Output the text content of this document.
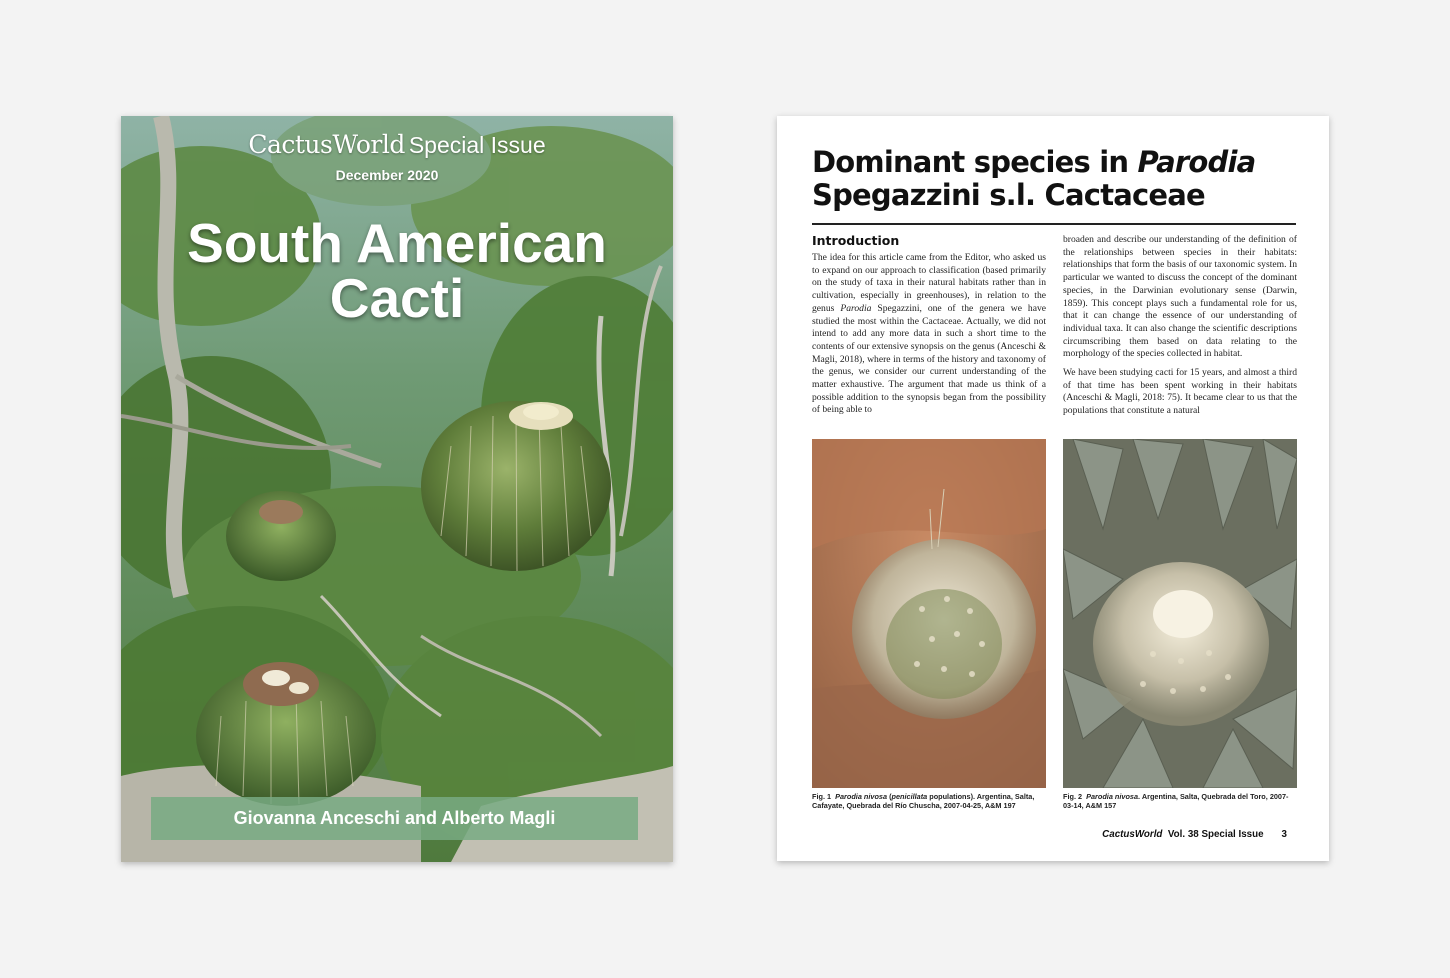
CactusWorld Special Issue
December 2020
South American
Cacti
Giovanna Anceschi and Alberto Magli
Dominant species in Parodia
Spegazzini s.l. Cactaceae
Introduction

The idea for this article came from the Editor, who asked us to expand on our approach to classification (based primarily on the study of taxa in their natural habitats rather than in cultivation, especially in greenhouses), in relation to the genus Parodia Spegazzini, one of the genera we have studied the most within the Cactaceae. Actually, we did not intend to add any more data in such a short time to the contents of our extensive synopsis on the genus (Anceschi & Magli, 2018), where in terms of the history and taxonomy of the genus, we consider our current understanding of the matter exhaustive. The argument that made us think of a possible addition to the synopsis began from the possibility of being able to

broaden and describe our understanding of the definition of the relationships between species in their habitats: relationships that form the basis of our taxonomic system. In particular we wanted to discuss the concept of the dominant species, in the Darwinian evolutionary sense (Darwin, 1859). This concept plays such a fundamental role for us, that it can change the essence of our understanding of individual taxa. It can also change the scientific descriptions circumscribing them based on data relating to the morphology of the species collected in habitat.

We have been studying cacti for 15 years, and almost a third of that time has been spent working in their habitats (Anceschi & Magli, 2018: 75). It became clear to us that the populations that constitute a natural

Fig. 1 Parodia nivosa (penicillata populations). Argentina, Salta, Cafayate, Quebrada del Río Chuscha, 2007-04-25, A&M 197
Fig. 2 Parodia nivosa. Argentina, Salta, Quebrada del Toro, 2007-03-14, A&M 157
CactusWorld Vol. 38 Special Issue 3
